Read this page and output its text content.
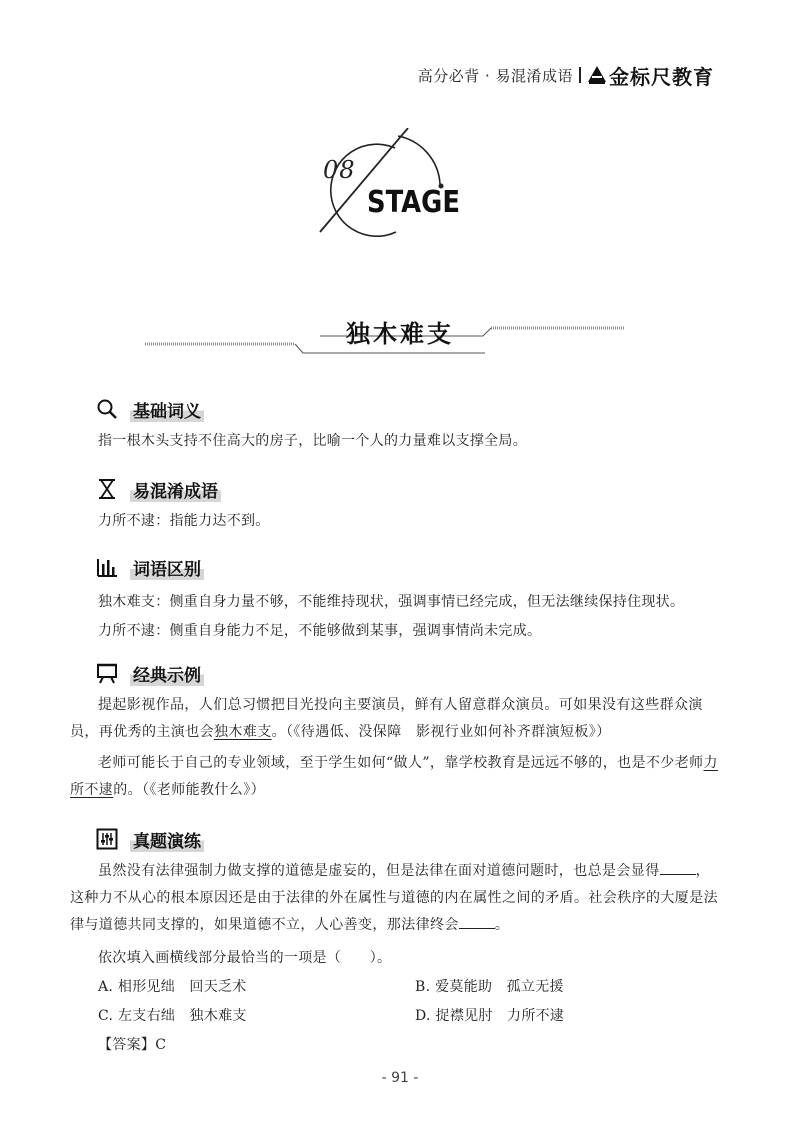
高分必背 · 易混淆成语 金标尺教育
08
STAGE
独木难支
基础词义
指一根木头支持不住高大的房子，比喻一个人的力量难以支撑全局。
易混淆成语
力所不逮：指能力达不到。
词语区别
独木难支：侧重自身力量不够，不能维持现状，强调事情已经完成，但无法继续保持住现状。
力所不逮：侧重自身能力不足，不能够做到某事，强调事情尚未完成。
经典示例
提起影视作品，人们总习惯把目光投向主要演员，鲜有人留意群众演员。可如果没有这些群众演员，再优秀的主演也会独木难支。（《待遇低、没保障　影视行业如何补齐群演短板》）
老师可能长于自己的专业领域，至于学生如何“做人”，靠学校教育是远远不够的，也是不少老师力所不逮的。（《老师能教什么》）
真题演练
虽然没有法律强制力做支撑的道德是虚妄的，但是法律在面对道德问题时，也总是会显得	，这种力不从心的根本原因还是由于法律的外在属性与道德的内在属性之间的矛盾。社会秩序的大厦是法律与道德共同支撑的，如果道德不立，人心善变，那法律终会	。
依次填入画横线部分最恰当的一项是（　　）。
A. 相形见绌　回天乏术	B. 爱莫能助　孤立无援
C. 左支右绌　独木难支	D. 捉襟见肘　力所不逮
【答案】C
- 91 -
